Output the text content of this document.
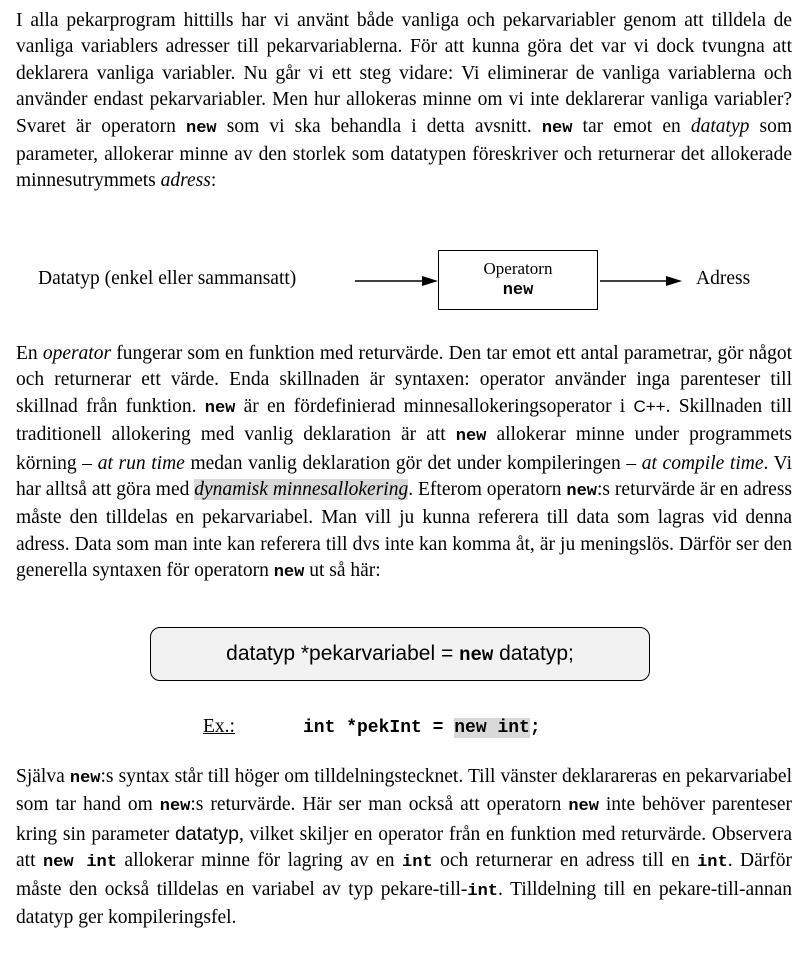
I alla pekarprogram hittills har vi använt både vanliga och pekarvariabler genom att tilldela de vanliga variablers adresser till pekarvariablerna. För att kunna göra det var vi dock tvungna att deklarera vanliga variabler. Nu går vi ett steg vidare: Vi eliminerar de vanliga variablerna och använder endast pekarvariabler. Men hur allokeras minne om vi inte deklarerar vanliga variabler? Svaret är operatorn new som vi ska behandla i detta avsnitt. new tar emot en datatyp som parameter, allokerar minne av den storlek som datatypen föreskriver och returnerar det allokerade minnesutrymmets adress:
Datatyp (enkel eller sammansatt)	Operatorn
new
Adress
En operator fungerar som en funktion med returvärde. Den tar emot ett antal parametrar, gör något och returnerar ett värde. Enda skillnaden är syntaxen: operator använder inga parenteser till skillnad från funktion. new är en fördefinierad minnesallokeringsoperator i C++. Skillnaden till traditionell allokering med vanlig deklaration är att new allokerar minne under programmets körning – at run time medan vanlig deklaration gör det under kompileringen – at compile time. Vi har alltså att göra med dynamisk minnesallokering. Efterom operatorn new:s returvärde är en adress måste den tilldelas en pekarvariabel. Man vill ju kunna referera till data som lagras vid denna adress. Data som man inte kan referera till dvs inte kan komma åt, är ju meningslös. Därför ser den generella syntaxen för operatorn new ut så här:
datatyp *pekarvariabel = new datatyp;
Ex.:	int *pekInt = new int;
Själva new:s syntax står till höger om tilldelningstecknet. Till vänster deklarareras en pekarvariabel som tar hand om new:s returvärde. Här ser man också att operatorn new inte behöver parenteser kring sin parameter datatyp, vilket skiljer en operator från en funktion med returvärde. Observera att new int allokerar minne för lagring av en int och returnerar en adress till en int. Därför måste den också tilldelas en variabel av typ pekare-till-int. Tilldelning till en pekare-till-annan datatyp ger kompileringsfel.
